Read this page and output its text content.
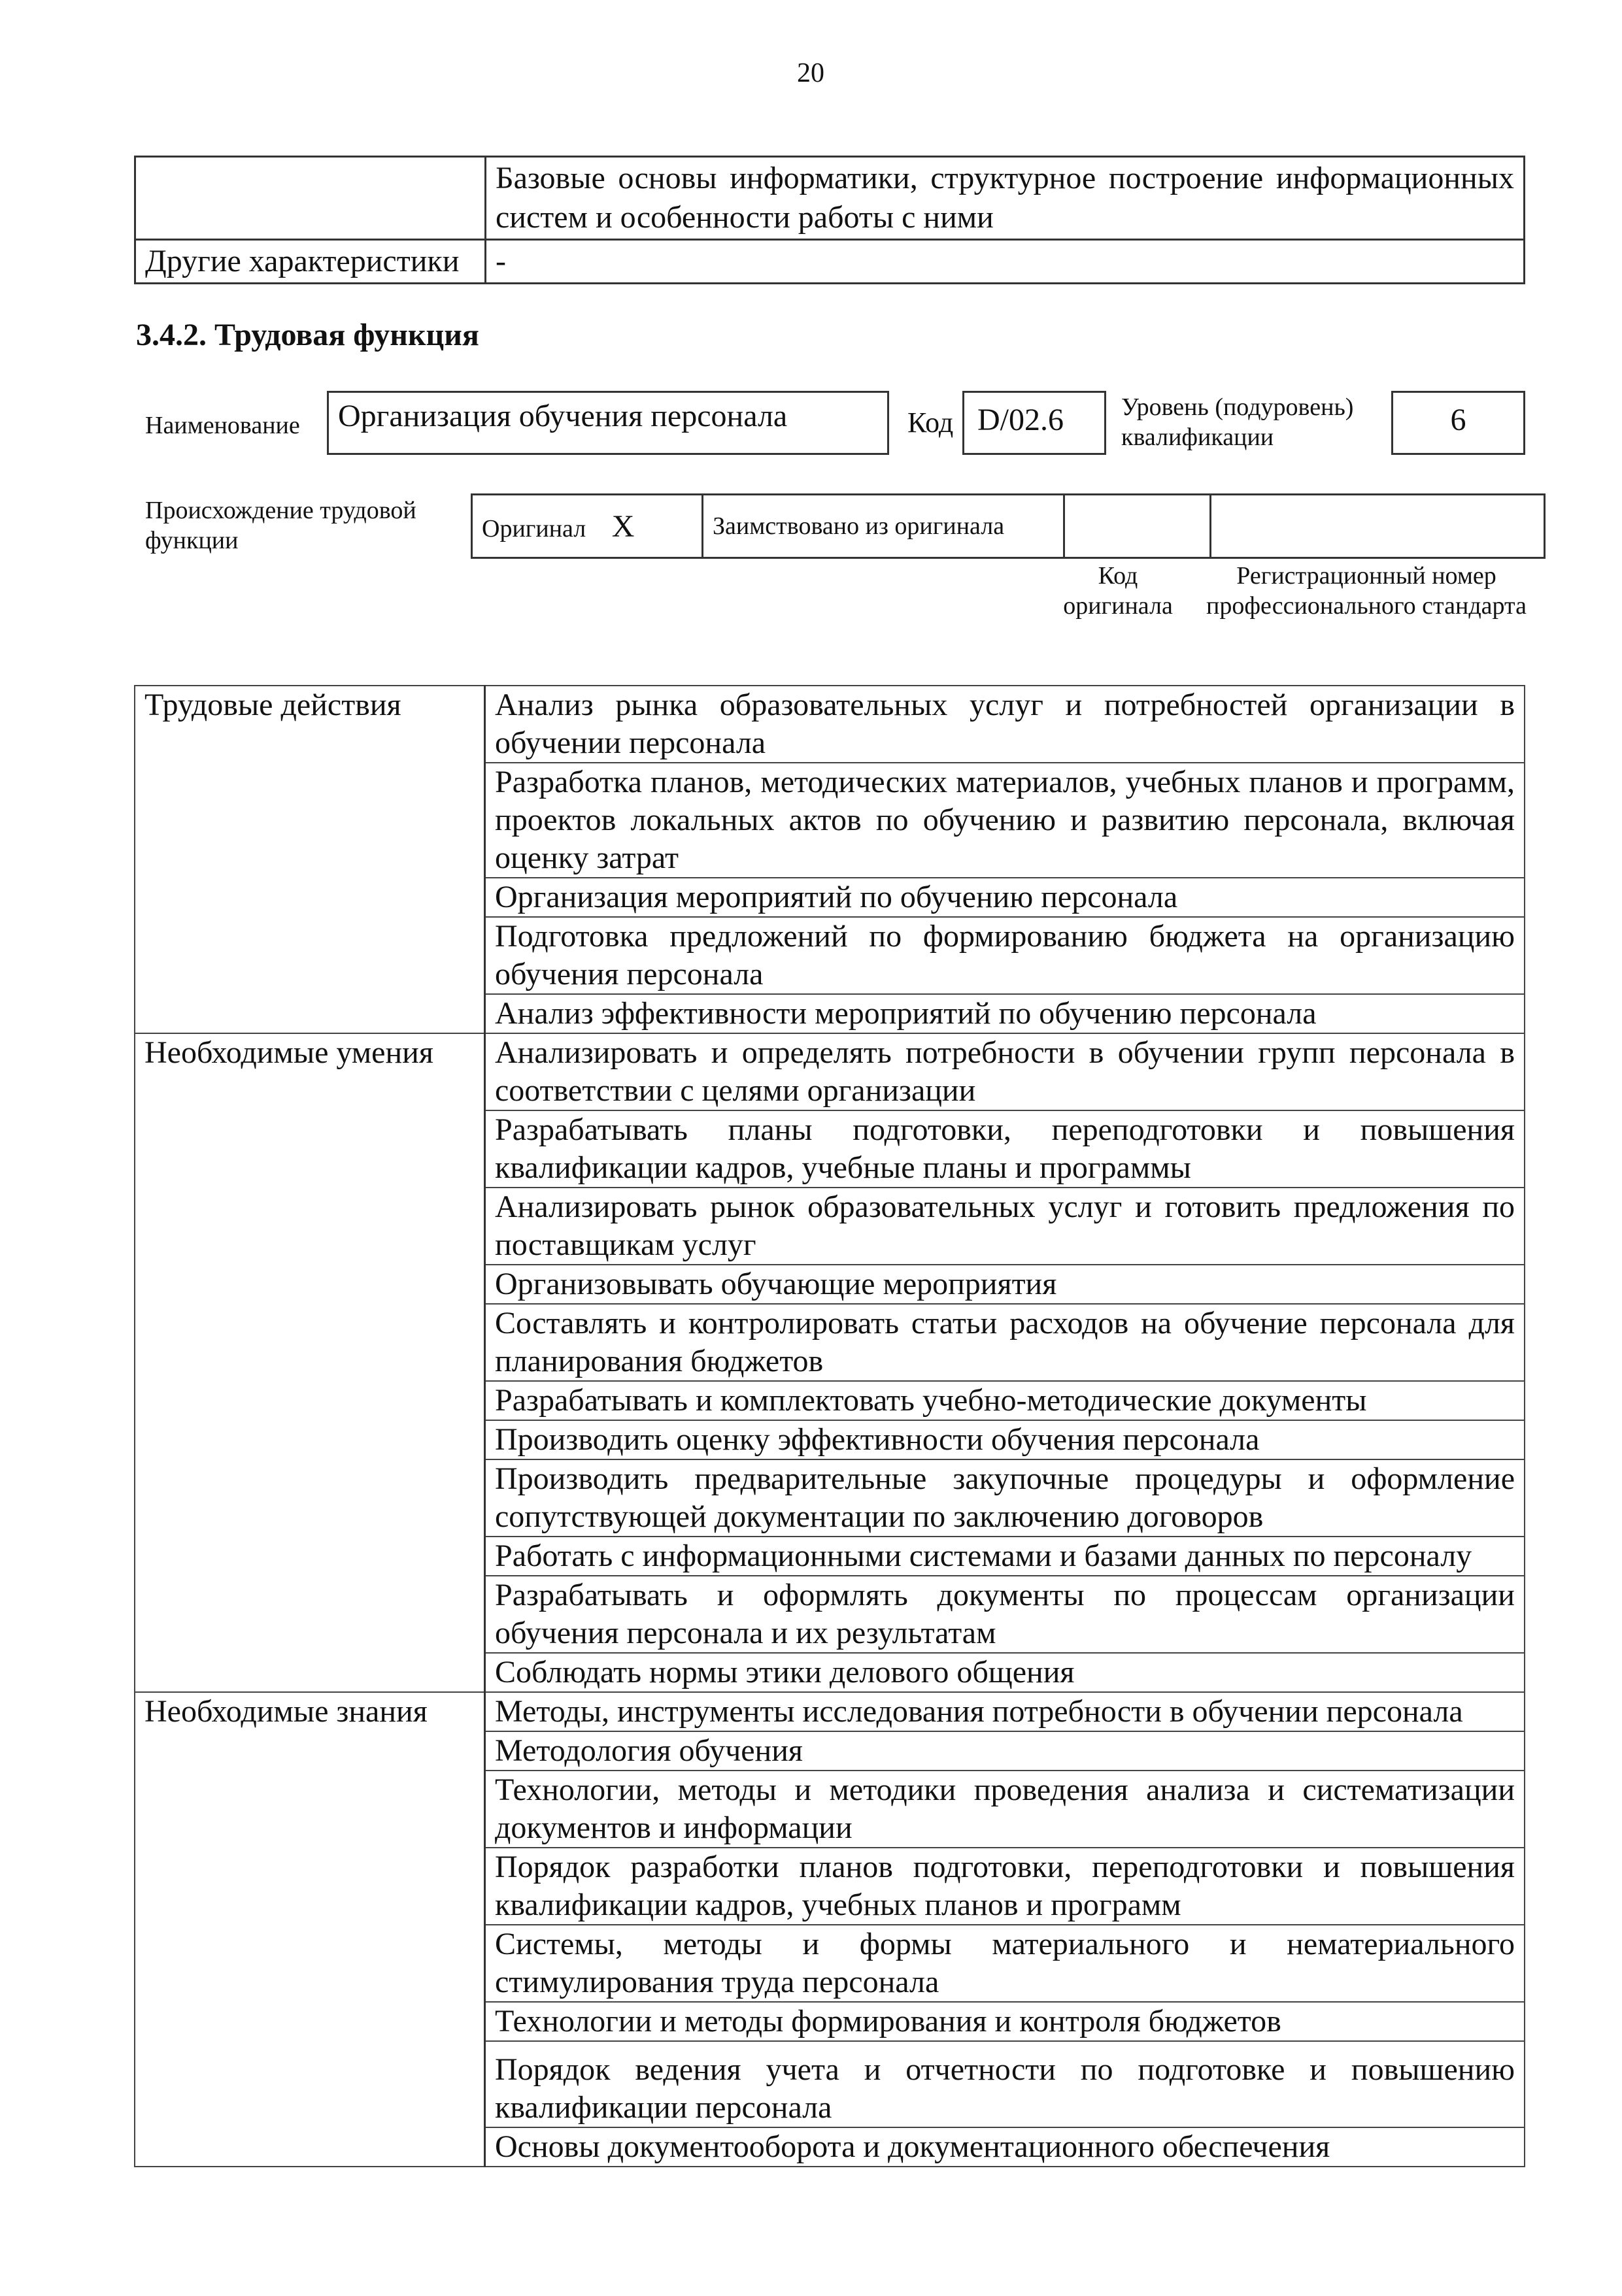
20
	Базовые основы информатики, структурное построение информационных систем и особенности работы с ними
Другие характеристики	-
3.4.2. Трудовая функция
Наименование	Организация обучения персонала	Код D/02.6	Уровень (подуровень) квалификации	6
Происхождение трудовой функции	Оригинал X	Заимствовано из оригинала		
Код оригинала
Регистрационный номер профессионального стандарта
Трудовые действия	Анализ рынка образовательных услуг и потребностей организации в обучении персонала
	Разработка планов, методических материалов, учебных планов и программ, проектов локальных актов по обучению и развитию персонала, включая оценку затрат
	Организация мероприятий по обучению персонала
	Подготовка предложений по формированию бюджета на организацию обучения персонала
	Анализ эффективности мероприятий по обучению персонала
Необходимые умения	Анализировать и определять потребности в обучении групп персонала в соответствии с целями организации
	Разрабатывать планы подготовки, переподготовки и повышения квалификации кадров, учебные планы и программы
	Анализировать рынок образовательных услуг и готовить предложения по поставщикам услуг
	Организовывать обучающие мероприятия
	Составлять и контролировать статьи расходов на обучение персонала для планирования бюджетов
	Разрабатывать и комплектовать учебно-методические документы
	Производить оценку эффективности обучения персонала
	Производить предварительные закупочные процедуры и оформление сопутствующей документации по заключению договоров
	Работать с информационными системами и базами данных по персоналу
	Разрабатывать и оформлять документы по процессам организации обучения персонала и их результатам
	Соблюдать нормы этики делового общения
Необходимые знания	Методы, инструменты исследования потребности в обучении персонала
	Методология обучения
	Технологии, методы и методики проведения анализа и систематизации документов и информации
	Порядок разработки планов подготовки, переподготовки и повышения квалификации кадров, учебных планов и программ
	Системы, методы и формы материального и нематериального стимулирования труда персонала
	Технологии и методы формирования и контроля бюджетов
	Порядок ведения учета и отчетности по подготовке и повышению квалификации персонала
	Основы документооборота и документационного обеспечения
